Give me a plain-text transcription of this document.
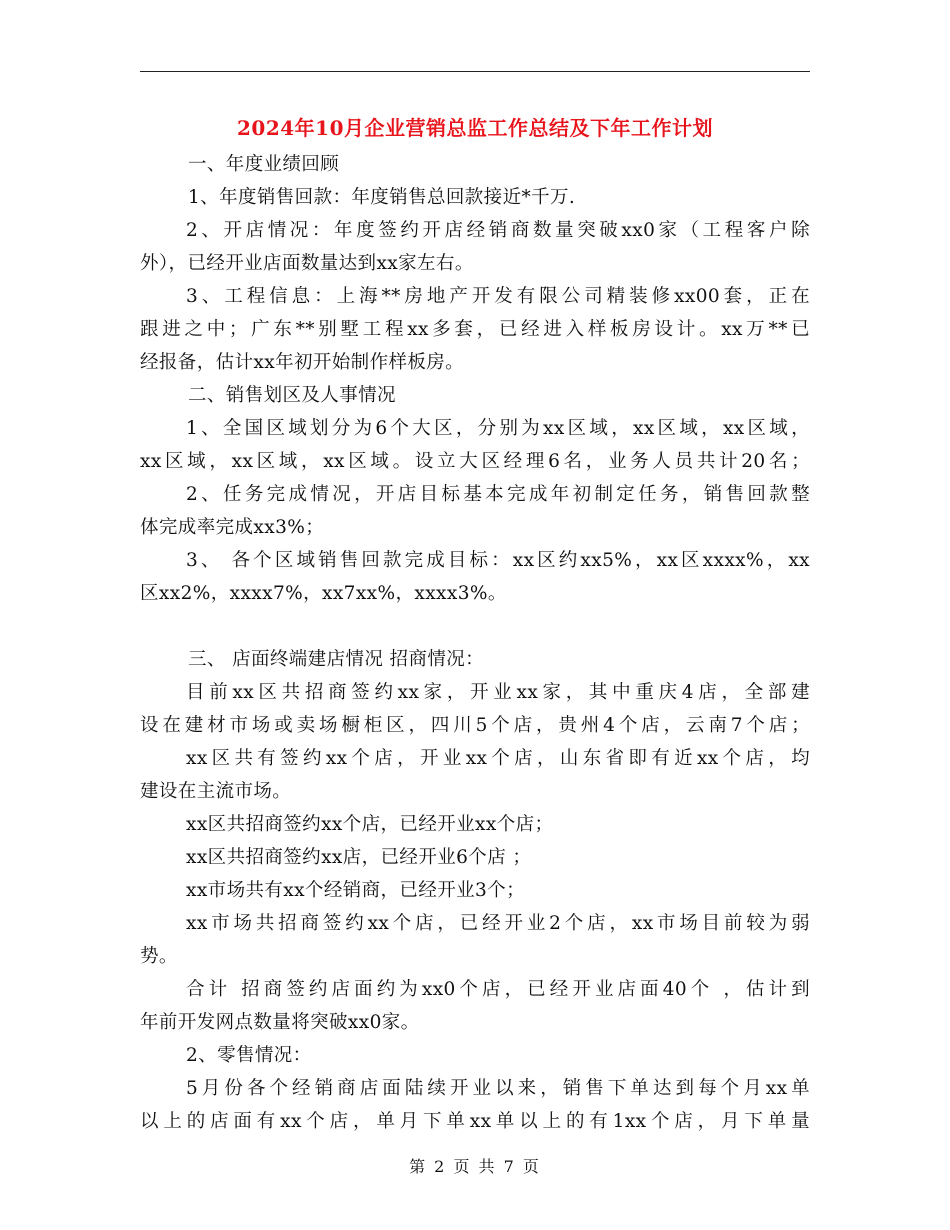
2024年10月企业营销总监工作总结及下年工作计划

一、年度业绩回顾

1、年度销售回款：年度销售总回款接近*千万.

2、开店情况：年度签约开店经销商数量突破xx0家（工程客户除

外），已经开业店面数量达到xx家左右。

3、工程信息：上海**房地产开发有限公司精装修xx00套，正在

跟进之中；广东**别墅工程xx多套，已经进入样板房设计。xx万**已

经报备，估计xx年初开始制作样板房。

二、销售划区及人事情况

1、全国区域划分为6个大区，分别为xx区域，xx区域，xx区域，

xx区域，xx区域，xx区域。设立大区经理6名，业务人员共计20名；

2、任务完成情况，开店目标基本完成年初制定任务，销售回款整

体完成率完成xx3%；

3、 各个区域销售回款完成目标：xx区约xx5%，xx区xxxx%，xx

区xx2%，xxxx7%，xx7xx%，xxxx3%。

三、 店面终端建店情况 招商情况：

目前xx区共招商签约xx家，开业xx家，其中重庆4店，全部建

设在建材市场或卖场橱柜区，四川5个店，贵州4个店，云南7个店；

xx区共有签约xx个店，开业xx个店，山东省即有近xx个店，均

建设在主流市场。

xx区共招商签约xx个店，已经开业xx个店；

xx区共招商签约xx店，已经开业6个店 ；

xx市场共有xx个经销商，已经开业3个；

xx市场共招商签约xx个店，已经开业2个店，xx市场目前较为弱

势。

合计 招商签约店面约为xx0个店，已经开业店面40个 ，估计到

年前开发网点数量将突破xx0家。

2、零售情况：

5月份各个经销商店面陆续开业以来，销售下单达到每个月xx单

以上的店面有xx个店，单月下单xx单以上的有1xx个店，月下单量

第 2 页 共 7 页
